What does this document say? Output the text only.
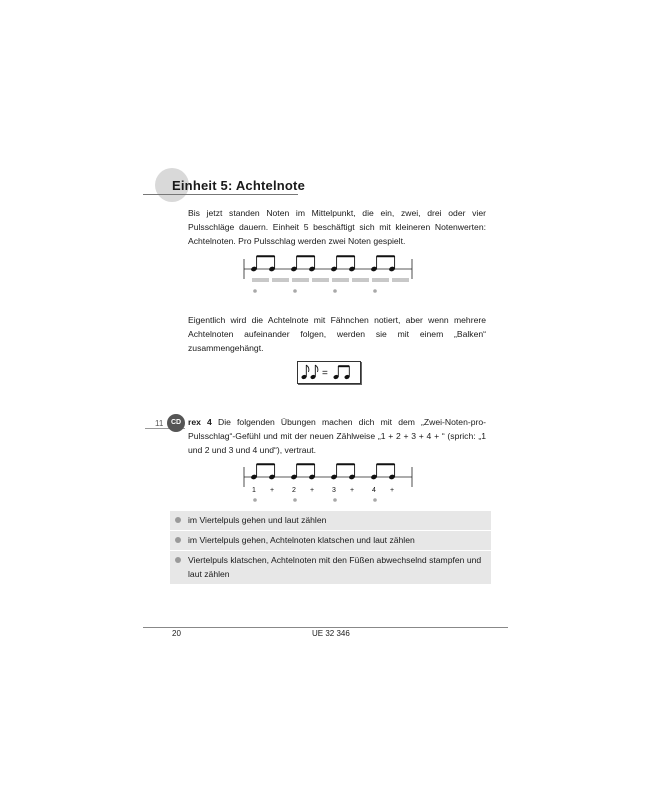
Einheit 5: Achtelnote
Bis jetzt standen Noten im Mittelpunkt, die ein, zwei, drei oder vier Pulsschläge dauern. Einheit 5 beschäftigt sich mit kleineren Notenwerten: Achtelnoten. Pro Pulsschlag werden zwei Noten gespielt.
Eigentlich wird die Achtelnote mit Fähnchen notiert, aber wenn mehrere Achtelnoten aufeinander folgen, werden sie mit einem „Balken“ zusammengehängt.
=
11	CD rex 4 Die folgenden Übungen machen dich mit dem „Zwei-Noten-pro-Pulsschlag“-Gefühl und mit der neuen Zählweise „1 + 2 + 3 + 4 + “ (sprich: „1 und 2 und 3 und 4 und“), vertraut.
1 +	2 +	3 +	4 +
im Viertelpuls gehen und laut zählen
im Viertelpuls gehen, Achtelnoten klatschen und laut zählen
Viertelpuls klatschen, Achtelnoten mit den Füßen abwechselnd stampfen und laut zählen
20	UE 32 346
